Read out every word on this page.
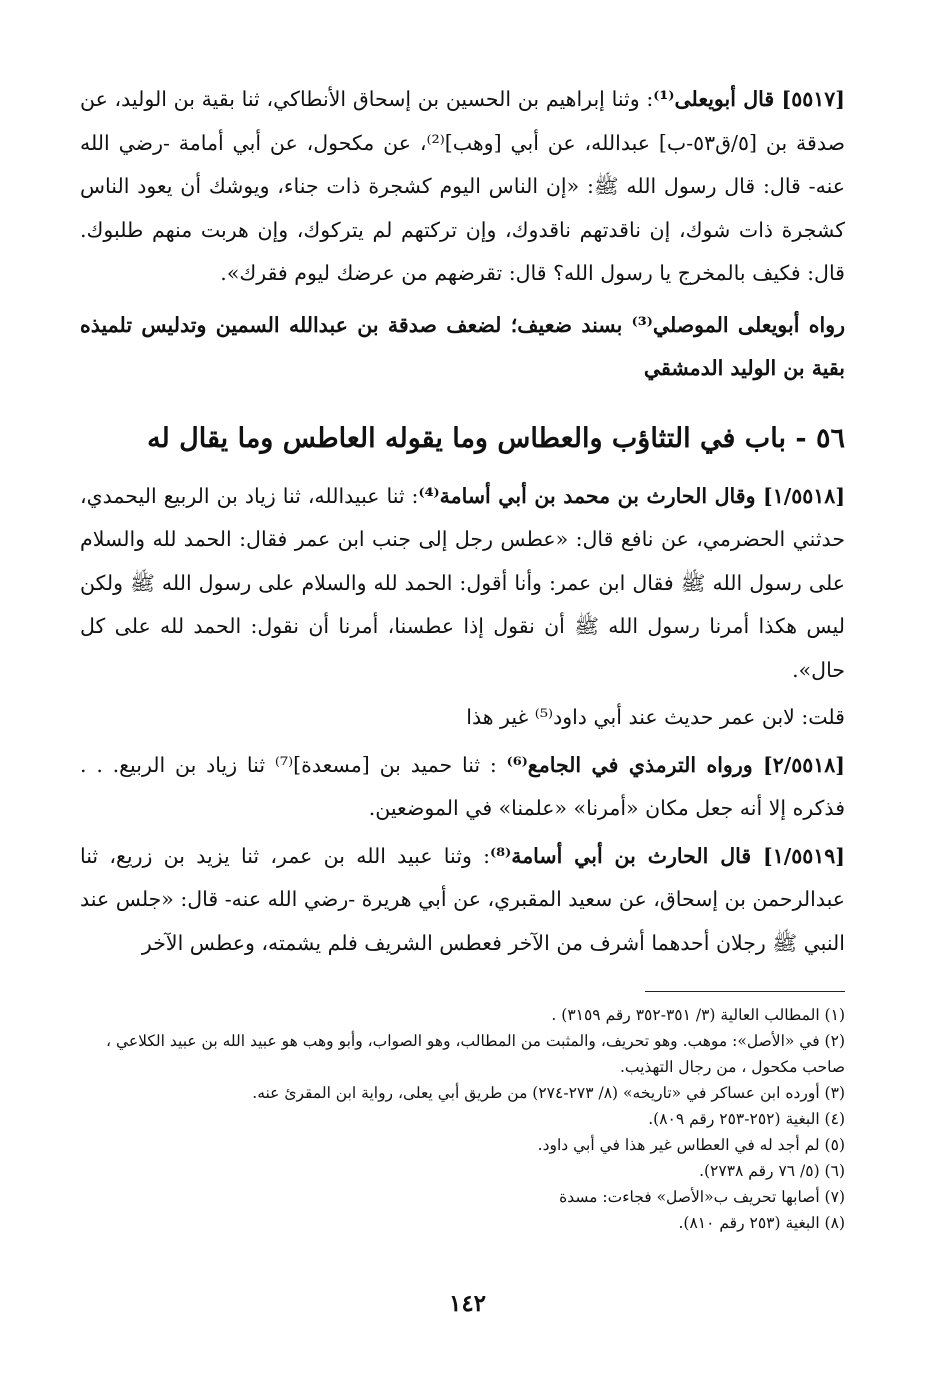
[٥٥١٧] قال أبويعلى⁽¹⁾: وثنا إبراهيم بن الحسين بن إسحاق الأنطاكي، ثنا بقية بن الوليد، عن صدقة بن [٥/ق٥٣-ب] عبدالله، عن أبي [وهب]⁽²⁾، عن مكحول، عن أبي أمامة -رضي الله عنه- قال: قال رسول الله ﷺ: «إن الناس اليوم كشجرة ذات جناء، ويوشك أن يعود الناس كشجرة ذات شوك، إن ناقدتهم ناقدوك، وإن تركتهم لم يتركوك، وإن هربت منهم طلبوك. قال: فكيف بالمخرج يا رسول الله؟ قال: تقرضهم من عرضك ليوم فقرك».

رواه أبويعلى الموصلي⁽³⁾ بسند ضعيف؛ لضعف صدقة بن عبدالله السمين وتدليس تلميذه بقية بن الوليد الدمشقي

٥٦ - باب في التثاؤب والعطاس وما يقوله العاطس وما يقال له

[١/٥٥١٨] وقال الحارث بن محمد بن أبي أسامة⁽⁴⁾: ثنا عبيدالله، ثنا زياد بن الربيع اليحمدي، حدثني الحضرمي، عن نافع قال: «عطس رجل إلى جنب ابن عمر فقال: الحمد لله والسلام على رسول الله ﷺ فقال ابن عمر: وأنا أقول: الحمد لله والسلام على رسول الله ﷺ ولكن ليس هكذا أمرنا رسول الله ﷺ أن نقول إذا عطسنا، أمرنا أن نقول: الحمد لله على كل حال».

قلت: لابن عمر حديث عند أبي داود⁽⁵⁾ غير هذا

[٢/٥٥١٨] ورواه الترمذي في الجامع⁽⁶⁾ : ثنا حميد بن [مسعدة]⁽⁷⁾ ثنا زياد بن الربيع. . . فذكره إلا أنه جعل مكان «أمرنا» «علمنا» في الموضعين.

[١/٥٥١٩] قال الحارث بن أبي أسامة⁽⁸⁾: وثنا عبيد الله بن عمر، ثنا يزيد بن زريع، ثنا عبدالرحمن بن إسحاق، عن سعيد المقبري، عن أبي هريرة -رضي الله عنه- قال: «جلس عند النبي ﷺ رجلان أحدهما أشرف من الآخر فعطس الشريف فلم يشمته، وعطس الآخر

(١) المطالب العالية (٣/ ٣٥١-٣٥٢ رقم ٣١٥٩) .

(٢) في «الأصل»: موهب. وهو تحريف، والمثبت من المطالب، وهو الصواب، وأبو وهب هو عبيد الله بن عبيد الكلاعي ، صاحب مكحول ، من رجال التهذيب.

(٣) أورده ابن عساكر في «تاريخه» (٨/ ٢٧٣-٢٧٤) من طريق أبي يعلى، رواية ابن المقرئ عنه.

(٤) البغية (٢٥٢-٢٥٣ رقم ٨٠٩).

(٥) لم أجد له في العطاس غير هذا في أبي داود.

(٦) (٥/ ٧٦ رقم ٢٧٣٨).

(٧) أصابها تحريف ب«الأصل» فجاءت: مسدة

(٨) البغية (٢٥٣ رقم ٨١٠).

١٤٢
